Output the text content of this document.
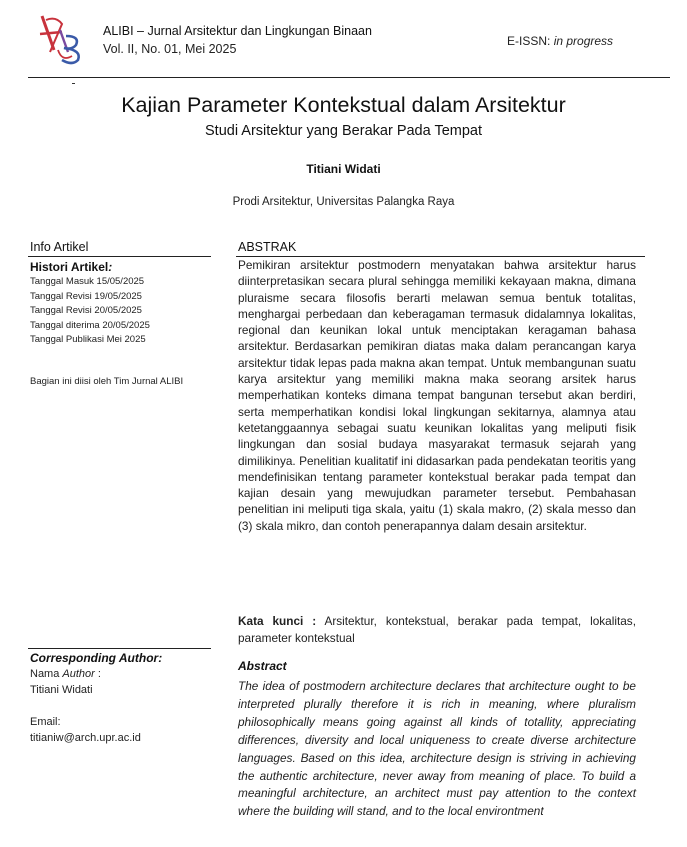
ALIBI – Jurnal Arsitektur dan Lingkungan Binaan
Vol. II, No. 01, Mei 2025
E-ISSN: in progress
Kajian Parameter Kontekstual dalam Arsitektur
Studi Arsitektur yang Berakar Pada Tempat
Titiani Widati
Prodi Arsitektur, Universitas Palangka Raya
Info Artikel
Histori Artikel:
Tanggal Masuk 15/05/2025
Tanggal Revisi 19/05/2025
Tanggal Revisi 20/05/2025
Tanggal diterima 20/05/2025
Tanggal Publikasi Mei 2025
Bagian ini diisi oleh Tim Jurnal ALIBI
Corresponding Author:
Nama Author :
Titiani Widati
Email:
titianiw@arch.upr.ac.id
ABSTRAK
Pemikiran arsitektur postmodern menyatakan bahwa arsitektur harus diinterpretasikan secara plural sehingga memiliki kekayaan makna, dimana pluraisme secara filosofis berarti melawan semua bentuk totalitas, menghargai perbedaan dan keberagaman termasuk didalamnya lokalitas, regional dan keunikan lokal untuk menciptakan keragaman bahasa arsitektur. Berdasarkan pemikiran diatas maka dalam perancangan karya arsitektur tidak lepas pada makna akan tempat. Untuk membangunan suatu karya arsitektur yang memiliki makna maka seorang arsitek harus memperhatikan konteks dimana tempat bangunan tersebut akan berdiri, serta memperhatikan kondisi lokal lingkungan sekitarnya, alamnya atau ketetanggaannya sebagai suatu keunikan lokalitas yang meliputi fisik lingkungan dan sosial budaya masyarakat termasuk sejarah yang dimilikinya. Penelitian kualitatif ini didasarkan pada pendekatan teoritis yang mendefinisikan tentang parameter kontekstual berakar pada tempat dan kajian desain yang mewujudkan parameter tersebut. Pembahasan penelitian ini meliputi tiga skala, yaitu (1) skala makro, (2) skala messo dan (3) skala mikro, dan contoh penerapannya dalam desain arsitektur.
Kata kunci : Arsitektur, kontekstual, berakar pada tempat, lokalitas, parameter kontekstual
Abstract
The idea of postmodern architecture declares that architecture ought to be interpreted plurally therefore it is rich in meaning, where pluralism philosophically means going against all kinds of totallity, appreciating differences, diversity and local uniqueness to create diverse architecture languages. Based on this idea, architecture design is striving in achieving the authentic architecture, never away from meaning of place. To build a meaningful architecture, an architect must pay attention to the context where the building will stand, and to the local environtment
